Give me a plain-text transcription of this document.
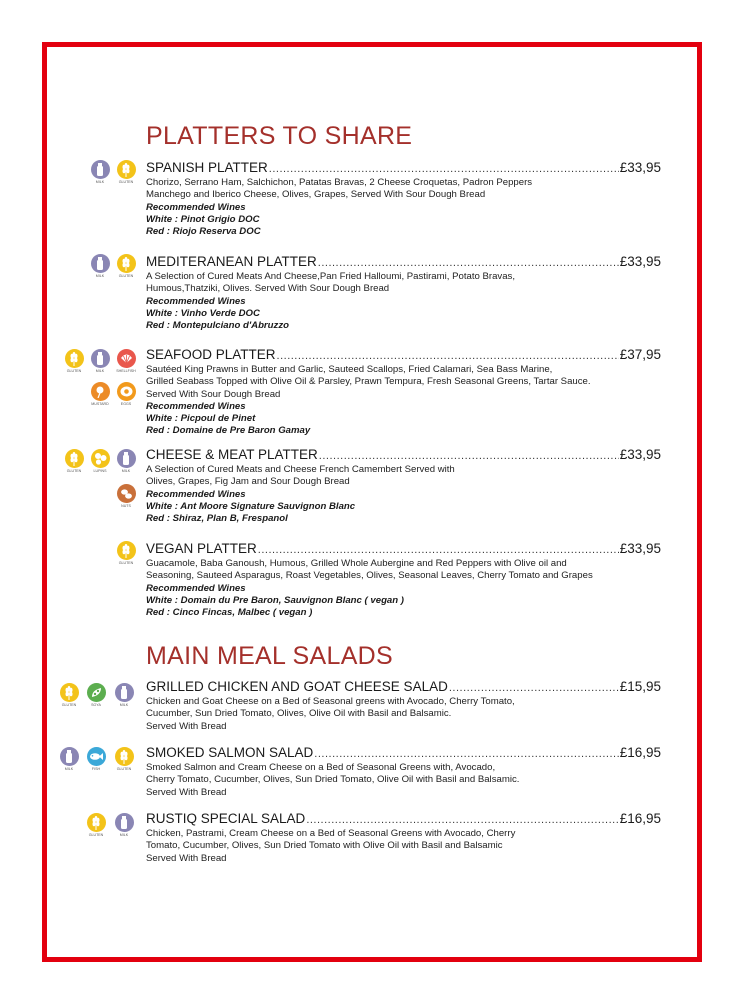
PLATTERS TO SHARE
SPANISH PLATTER .....	£33,95
Chorizo, Serrano Ham, Salchichon, Patatas Bravas, 2 Cheese Croquetas, Padron Peppers
Manchego and Iberico Cheese, Olives, Grapes, Served With Sour Dough Bread
Recommended Wines
White : Pinot Grigio DOC
Red : Riojo Reserva DOC
MEDITERANEAN PLATTER .....	£33,95
A Selection of Cured Meats And Cheese,Pan Fried Halloumi, Pastirami, Potato Bravas,
Humous,Thatziki, Olives. Served With Sour Dough Bread
Recommended Wines
White : Vinho Verde DOC
Red : Montepulciano d'Abruzzo
SEAFOOD PLATTER .....	£37,95
Sautéed King Prawns in Butter and Garlic, Sauteed Scallops, Fried Calamari, Sea Bass Marine,
Grilled Seabass Topped with Olive Oil & Parsley, Prawn Tempura, Fresh Seasonal Greens, Tartar Sauce.
Served With Sour Dough Bread
Recommended Wines
White : Picpoul de Pinet
Red : Domaine de Pre Baron Gamay
CHEESE & MEAT PLATTER .....	£33,95
A Selection of Cured Meats and Cheese French Camembert Served with
Olives, Grapes, Fig Jam and Sour Dough Bread
Recommended Wines
White : Ant Moore Signature Sauvignon Blanc
Red : Shiraz, Plan B, Frespanol
VEGAN PLATTER .....	£33,95
Guacamole, Baba Ganoush, Humous, Grilled Whole Aubergine and Red Peppers with Olive oil and
Seasoning, Sauteed Asparagus, Roast Vegetables, Olives, Seasonal Leaves, Cherry Tomato and Grapes
Recommended Wines
White : Domain du Pre Baron, Sauvignon Blanc ( vegan )
Red : Cinco Fincas, Malbec ( vegan )
MAIN MEAL SALADS
GRILLED CHICKEN AND GOAT CHEESE SALAD .....	£15,95
Chicken and Goat Cheese on a Bed of Seasonal greens with Avocado, Cherry Tomato,
Cucumber, Sun Dried Tomato, Olives, Olive Oil with Basil and Balsamic.
Served With Bread
SMOKED SALMON SALAD .....	£16,95
Smoked Salmon and Cream Cheese on a Bed of Seasonal Greens with, Avocado,
Cherry Tomato, Cucumber, Olives, Sun Dried Tomato, Olive Oil with Basil and Balsamic.
Served With Bread
RUSTIQ SPECIAL SALAD .....	£16,95
Chicken, Pastrami, Cream Cheese on a Bed of Seasonal Greens with Avocado, Cherry
Tomato, Cucumber, Olives, Sun Dried Tomato with Olive Oil with Basil and Balsamic
Served With Bread
MILK	GLUTEN
MILK	GLUTEN
GLUTEN	MILK	SHELLFISH
MUSTARD	EGGS
GLUTEN	LUPINS	MILK
NUTS
GLUTEN
GLUTEN	SOYA	MILK
MILK	FISH	GLUTEN
GLUTEN	MILK
